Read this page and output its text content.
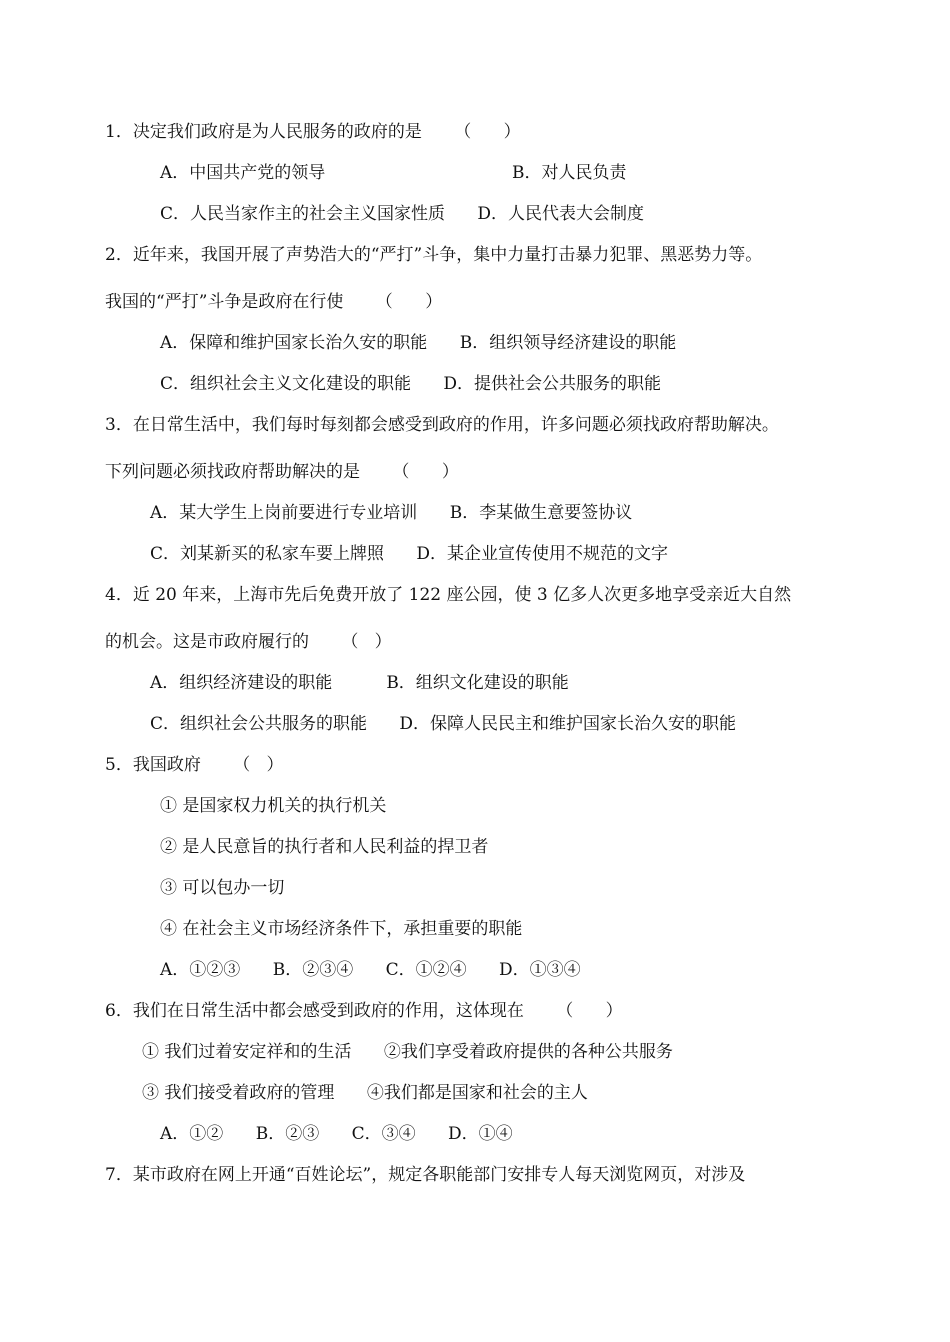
1．决定我们政府是为人民服务的政府的是      （      ）
A．中国共产党的领导	B．对人民负责
C．人民当家作主的社会主义国家性质      D．人民代表大会制度
2．近年来，我国开展了声势浩大的“严打”斗争，集中力量打击暴力犯罪、黑恶势力等。
我国的“严打”斗争是政府在行使      （      ）
A．保障和维护国家长治久安的职能      B．组织领导经济建设的职能
C．组织社会主义文化建设的职能      D．提供社会公共服务的职能
3．在日常生活中，我们每时每刻都会感受到政府的作用，许多问题必须找政府帮助解决。
下列问题必须找政府帮助解决的是      （      ）
A．某大学生上岗前要进行专业培训      B．李某做生意要签协议
C．刘某新买的私家车要上牌照      D．某企业宣传使用不规范的文字
4．近 20 年来，上海市先后免费开放了 122 座公园，使 3 亿多人次更多地享受亲近大自然
的机会。这是市政府履行的      （   ）
A．组织经济建设的职能          B．组织文化建设的职能
C．组织社会公共服务的职能      D．保障人民民主和维护国家长治久安的职能
5．我国政府      （   ）
① 是国家权力机关的执行机关
② 是人民意旨的执行者和人民利益的捍卫者
③ 可以包办一切
④ 在社会主义市场经济条件下，承担重要的职能
A．①②③      B．②③④      C．①②④      D．①③④
6．我们在日常生活中都会感受到政府的作用，这体现在      （      ）
① 我们过着安定祥和的生活      ②我们享受着政府提供的各种公共服务
③ 我们接受着政府的管理      ④我们都是国家和社会的主人
A．①②      B．②③      C．③④      D．①④
7．某市政府在网上开通“百姓论坛”，规定各职能部门安排专人每天浏览网页，对涉及
